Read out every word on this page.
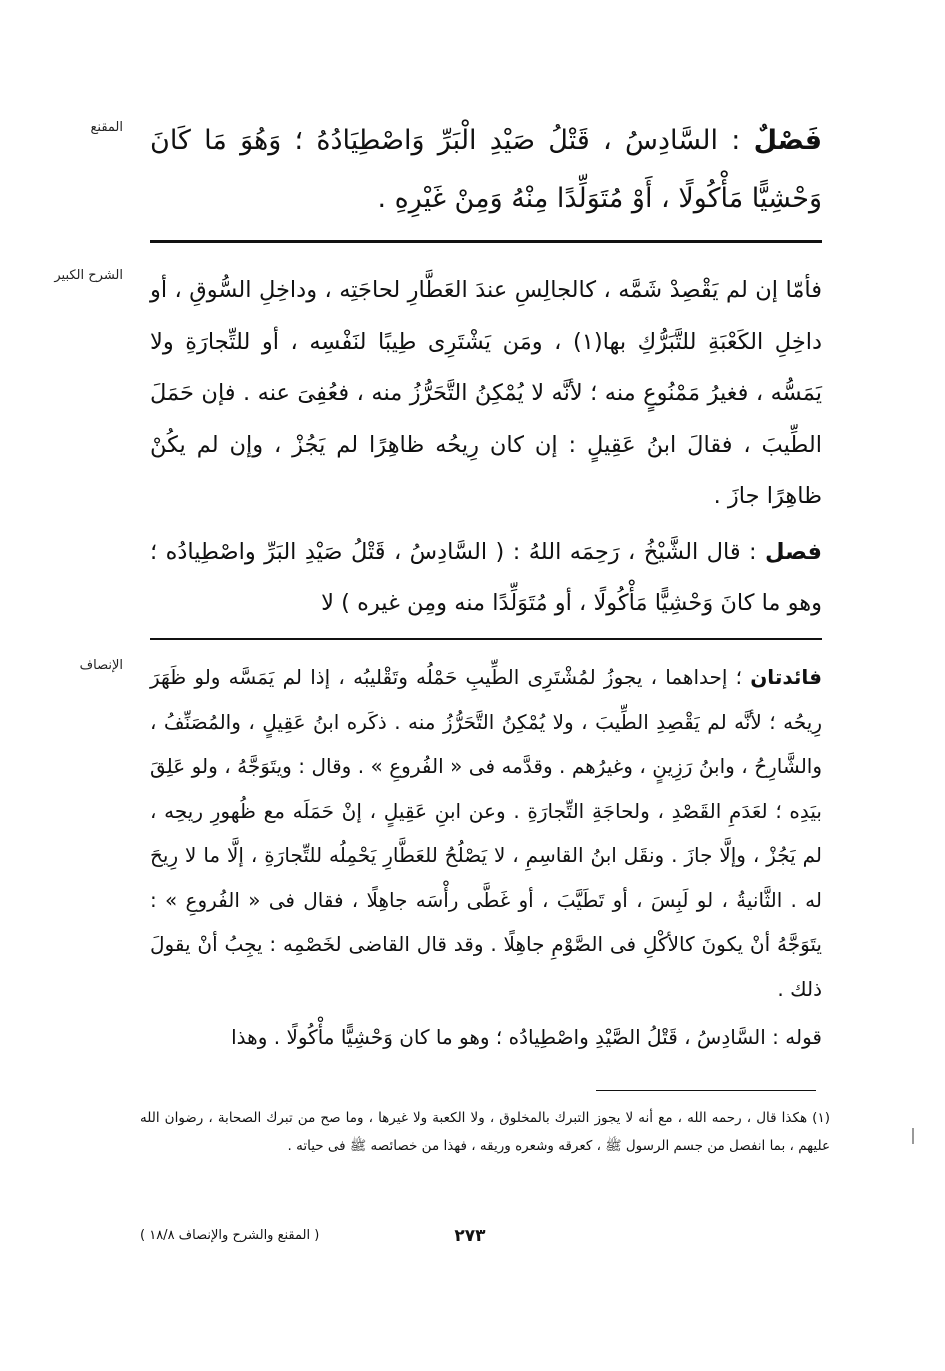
المقنع	فَصْلٌ : السَّادِسُ ، قَتْلُ صَيْدِ الْبَرِّ وَاصْطِيَادُهُ ؛ وَهُوَ مَا كَانَ وَحْشِيًّا مَأْكُولًا ، أَوْ مُتَوَلِّدًا مِنْهُ وَمِنْ غَيْرِهِ .

الشرح الكبير

فأمّا إن لم يَقْصِدْ شَمَّه ، كالجالِسِ عندَ العَطَّارِ لحاجَتِه ، وداخِلِ السُّوقِ ، أو داخِلِ الكَعْبَةِ للتَّبَرُّكِ بها(١) ، ومَن يَشْتَرِى طِيبًا لنَفْسِه ، أو للتِّجارَةِ ولا يَمَسُّه ، فغيرُ مَمْنُوعٍ منه ؛ لأنَّه لا يُمْكِنُ التَّحَرُّزُ منه ، فعُفِىَ عنه . فإن حَمَلَ الطِّيبَ ، فقالَ ابنُ عَقِيلٍ : إن كان رِيحُه ظاهِرًا لم يَجُزْ ، وإن لم يكُنْ ظاهِرًا جازَ .

فصل : قال الشَّيْخُ ، رَحِمَه اللهُ : ( السَّادِسُ ، قَتْلُ صَيْدِ البَرِّ واصْطِيادُه ؛ وهو ما كانَ وَحْشِيًّا مَأْكُولًا ، أو مُتَوَلِّدًا منه ومِن غيره ) لا

الإنصاف	فائدتان ؛ إحداهما ، يجوزُ لمُشْتَرِى الطِّيبِ حَمْلُه وتَقْليبُه ، إذا لم يَمَسَّه ولو ظَهَرَ رِيحُه ؛ لأنَّه لم يَقْصِدِ الطِّيبَ ، ولا يُمْكِنُ التَّحَرُّزُ منه . ذكَره ابنُ عَقِيلٍ ، والمُصَنِّفُ ، والشَّارِحُ ، وابنُ رَزِينٍ ، وغيرُهم . وقدَّمه فى « الفُروعِ » . وقال : ويتَوَجَّهُ ، ولو عَلِقَ بيَدِه ؛ لعَدَمِ القَصْدِ ، ولحاجَةِ التِّجارَةِ . وعن ابنِ عَقِيلٍ ، إنْ حَمَلَه مع ظُهورِ ريحِه ، لم يَجُزْ ، وإلَّا جازَ . ونقَل ابنُ القاسِمِ ، لا يَصْلُحُ للعَطَّارِ يَحْمِلُه للتِّجارَةِ ، إلَّا ما لا رِيحَ له . الثَّانيةُ ، لو لَبِسَ ، أو تَطَيَّبَ ، أو غَطَّى رأْسَه جاهِلًا ، فقال فى « الفُروعِ » : يتَوَجَّهُ أنْ يكونَ كالأكْلِ فى الصَّوْمِ جاهِلًا . وقد قال القاضى لخَصْمِه : يجِبُ أنْ يقولَ ذلك .

قوله : السَّادِسُ ، قَتْلُ الصَّيْدِ واصْطِيادُه ؛ وهو ما كان وَحْشِيًّا مأْكُولًا . وهذا

(١) هكذا قال ، رحمه الله ، مع أنه لا يجوز التبرك بالمخلوق ، ولا الكعبة ولا غيرها ، وما صح من تبرك الصحابة ، رضوان الله عليهم ، بما انفصل من جسم الرسول ﷺ ، كعرقه وشعره وريقه ، فهذا من خصائصه ﷺ فى حياته .
٢٧٣
( المقنع والشرح والإنصاف ١٨/٨ )
